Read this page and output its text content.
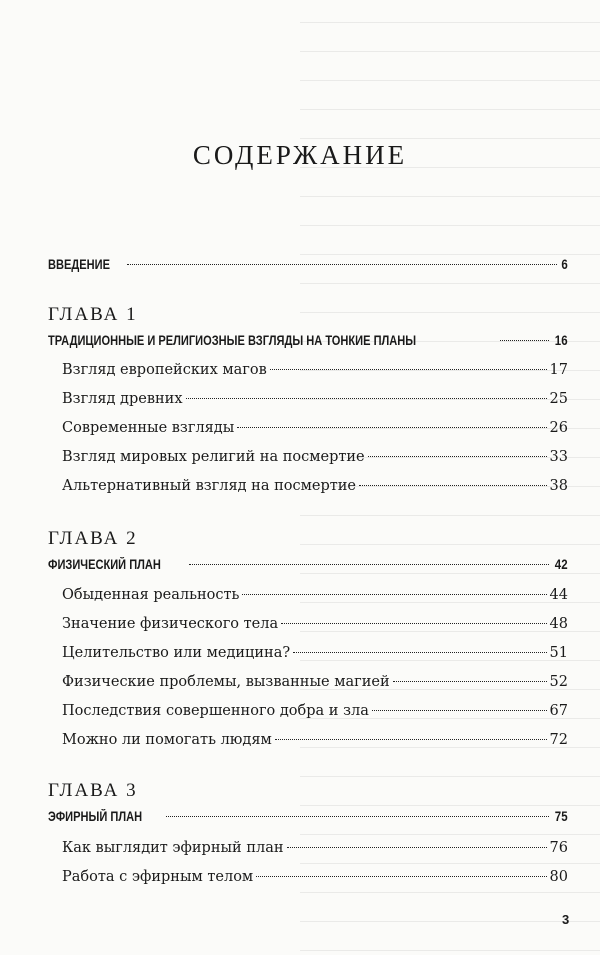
СОДЕРЖАНИЕ
ВВЕДЕНИЕ	6
ГЛАВА 1
ТРАДИЦИОННЫЕ И РЕЛИГИОЗНЫЕ ВЗГЛЯДЫ НА ТОНКИЕ ПЛАНЫ	16
Взгляд европейских магов	17
Взгляд древних	25
Современные взгляды	26
Взгляд мировых религий на посмертие	33
Альтернативный взгляд на посмертие	38
ГЛАВА 2
ФИЗИЧЕСКИЙ ПЛАН	42
Обыденная реальность	44
Значение физического тела	48
Целительство или медицина?	51
Физические проблемы, вызванные магией	52
Последствия совершенного добра и зла	67
Можно ли помогать людям	72
ГЛАВА 3
ЭФИРНЫЙ ПЛАН	75
Как выглядит эфирный план	76
Работа с эфирным телом	80
3
